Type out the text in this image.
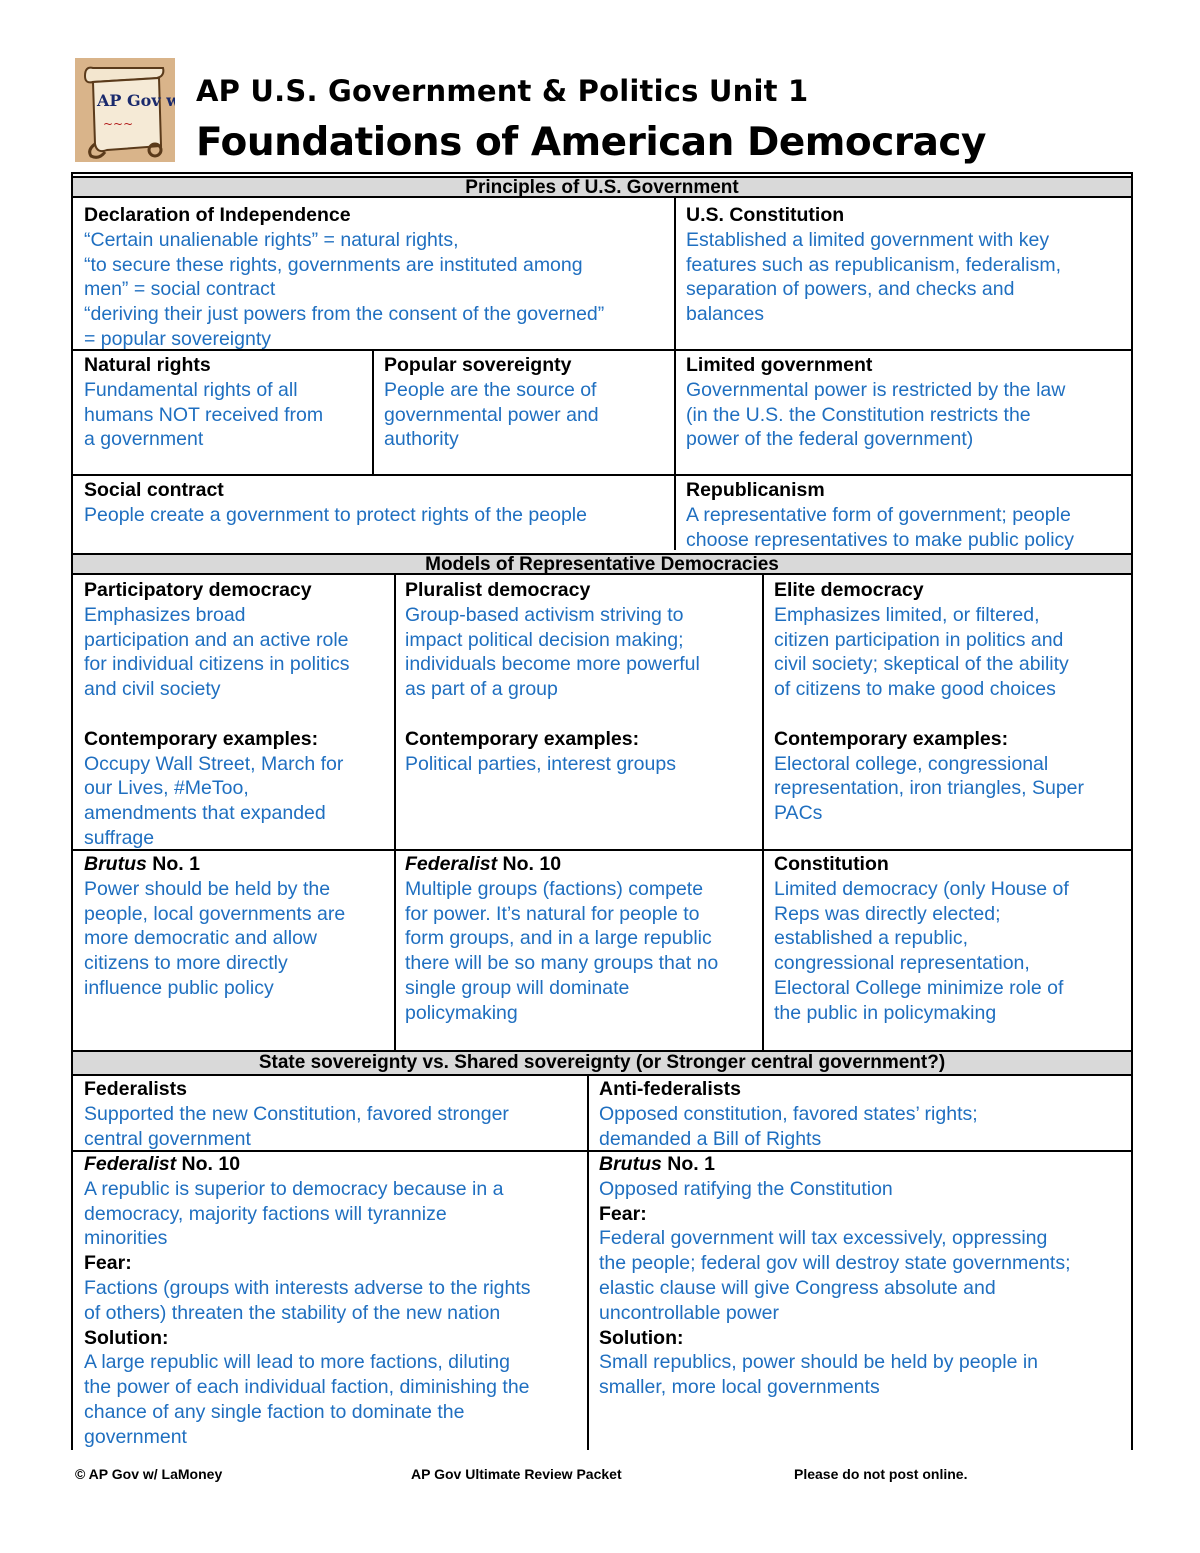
AP Gov w
~~~
AP U.S. Government & Politics Unit 1
Foundations of American Democracy
Principles of U.S. Government
Declaration of Independence
“Certain unalienable rights” = natural rights,
“to secure these rights, governments are instituted among
men” = social contract
“deriving their just powers from the consent of the governed”
= popular sovereignty
U.S. Constitution
Established a limited government with key
features such as republicanism, federalism,
separation of powers, and checks and
balances
Natural rights
Fundamental rights of all
humans NOT received from
a government
Popular sovereignty
People are the source of
governmental power and
authority
Limited government
Governmental power is restricted by the law
(in the U.S. the Constitution restricts the
power of the federal government)
Social contract
People create a government to protect rights of the people
Republicanism
A representative form of government; people
choose representatives to make public policy
Models of Representative Democracies
Participatory democracy
Emphasizes broad
participation and an active role
for individual citizens in politics
and civil society
Contemporary examples:
Occupy Wall Street, March for
our Lives, #MeToo,
amendments that expanded
suffrage
Pluralist democracy
Group-based activism striving to
impact political decision making;
individuals become more powerful
as part of a group
Contemporary examples:
Political parties, interest groups
Elite democracy
Emphasizes limited, or filtered,
citizen participation in politics and
civil society; skeptical of the ability
of citizens to make good choices
Contemporary examples:
Electoral college, congressional
representation, iron triangles, Super
PACs
Brutus No. 1
Power should be held by the
people, local governments are
more democratic and allow
citizens to more directly
influence public policy
Federalist No. 10
Multiple groups (factions) compete
for power. It’s natural for people to
form groups, and in a large republic
there will be so many groups that no
single group will dominate
policymaking
Constitution
Limited democracy (only House of
Reps was directly elected;
established a republic,
congressional representation,
Electoral College minimize role of
the public in policymaking
State sovereignty vs. Shared sovereignty (or Stronger central government?)
Federalists
Supported the new Constitution, favored stronger
central government
Anti-federalists
Opposed constitution, favored states’ rights;
demanded a Bill of Rights
Federalist No. 10
A republic is superior to democracy because in a
democracy, majority factions will tyrannize
minorities
Fear:
Factions (groups with interests adverse to the rights
of others) threaten the stability of the new nation
Solution:
A large republic will lead to more factions, diluting
the power of each individual faction, diminishing the
chance of any single faction to dominate the
government
Brutus No. 1
Opposed ratifying the Constitution
Fear:
Federal government will tax excessively, oppressing
the people; federal gov will destroy state governments;
elastic clause will give Congress absolute and
uncontrollable power
Solution:
Small republics, power should be held by people in
smaller, more local governments
© AP Gov w/ LaMoney	AP Gov Ultimate Review Packet	Please do not post online.
